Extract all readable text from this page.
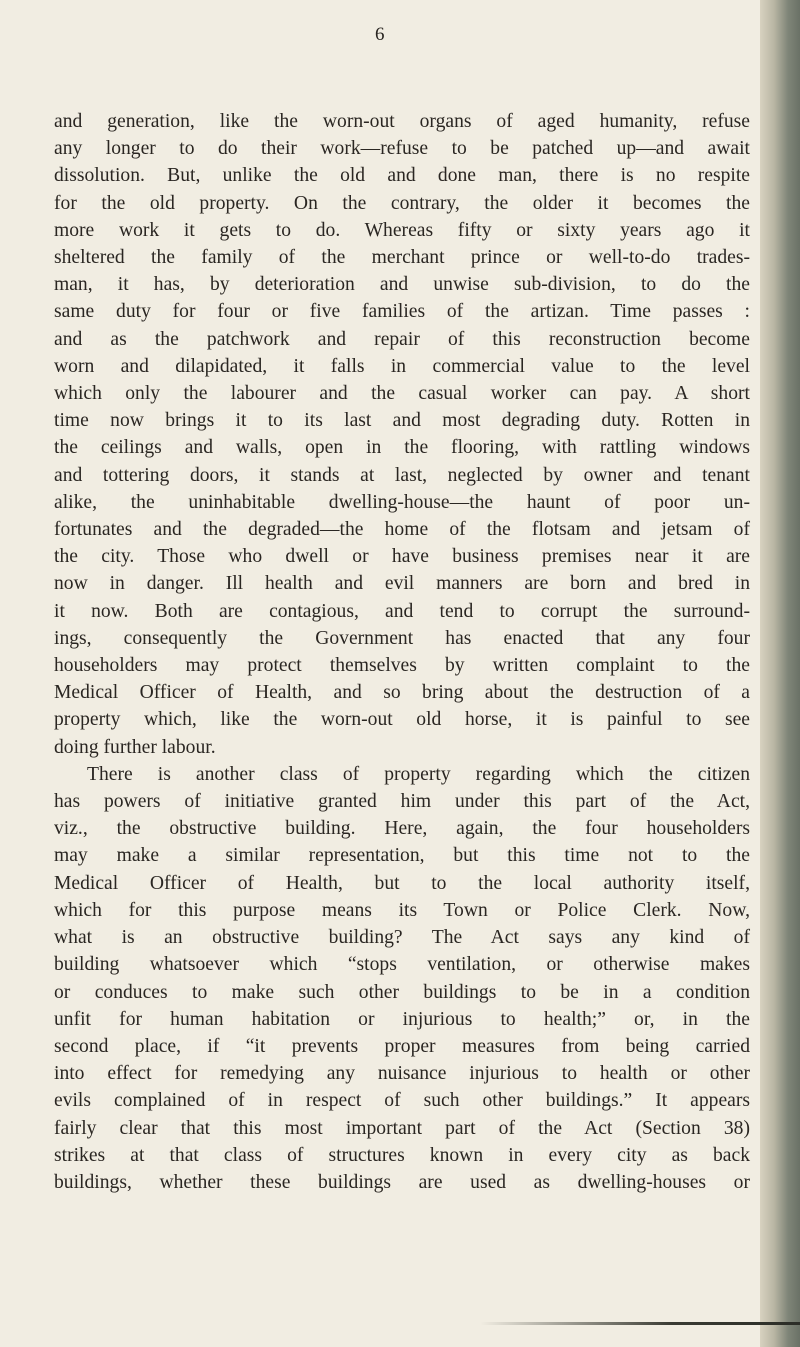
6

and generation, like the worn-out organs of aged humanity, refuse

any longer to do their work—refuse to be patched up—and await

dissolution. But, unlike the old and done man, there is no respite

for the old property. On the contrary, the older it becomes the

more work it gets to do. Whereas fifty or sixty years ago it

sheltered the family of the merchant prince or well-to-do trades-

man, it has, by deterioration and unwise sub-division, to do the

same duty for four or five families of the artizan. Time passes :

and as the patchwork and repair of this reconstruction become

worn and dilapidated, it falls in commercial value to the level

which only the labourer and the casual worker can pay. A short

time now brings it to its last and most degrading duty. Rotten in

the ceilings and walls, open in the flooring, with rattling windows

and tottering doors, it stands at last, neglected by owner and tenant

alike, the uninhabitable dwelling-house—the haunt of poor un-

fortunates and the degraded—the home of the flotsam and jetsam of

the city. Those who dwell or have business premises near it are

now in danger. Ill health and evil manners are born and bred in

it now. Both are contagious, and tend to corrupt the surround-

ings, consequently the Government has enacted that any four

householders may protect themselves by written complaint to the

Medical Officer of Health, and so bring about the destruction of a

property which, like the worn-out old horse, it is painful to see

doing further labour.

There is another class of property regarding which the citizen

has powers of initiative granted him under this part of the Act,

viz., the obstructive building. Here, again, the four householders

may make a similar representation, but this time not to the

Medical Officer of Health, but to the local authority itself,

which for this purpose means its Town or Police Clerk. Now,

what is an obstructive building? The Act says any kind of

building whatsoever which “stops ventilation, or otherwise makes

or conduces to make such other buildings to be in a condition

unfit for human habitation or injurious to health;” or, in the

second place, if “it prevents proper measures from being carried

into effect for remedying any nuisance injurious to health or other

evils complained of in respect of such other buildings.” It appears

fairly clear that this most important part of the Act (Section 38)

strikes at that class of structures known in every city as back

buildings, whether these buildings are used as dwelling-houses or
